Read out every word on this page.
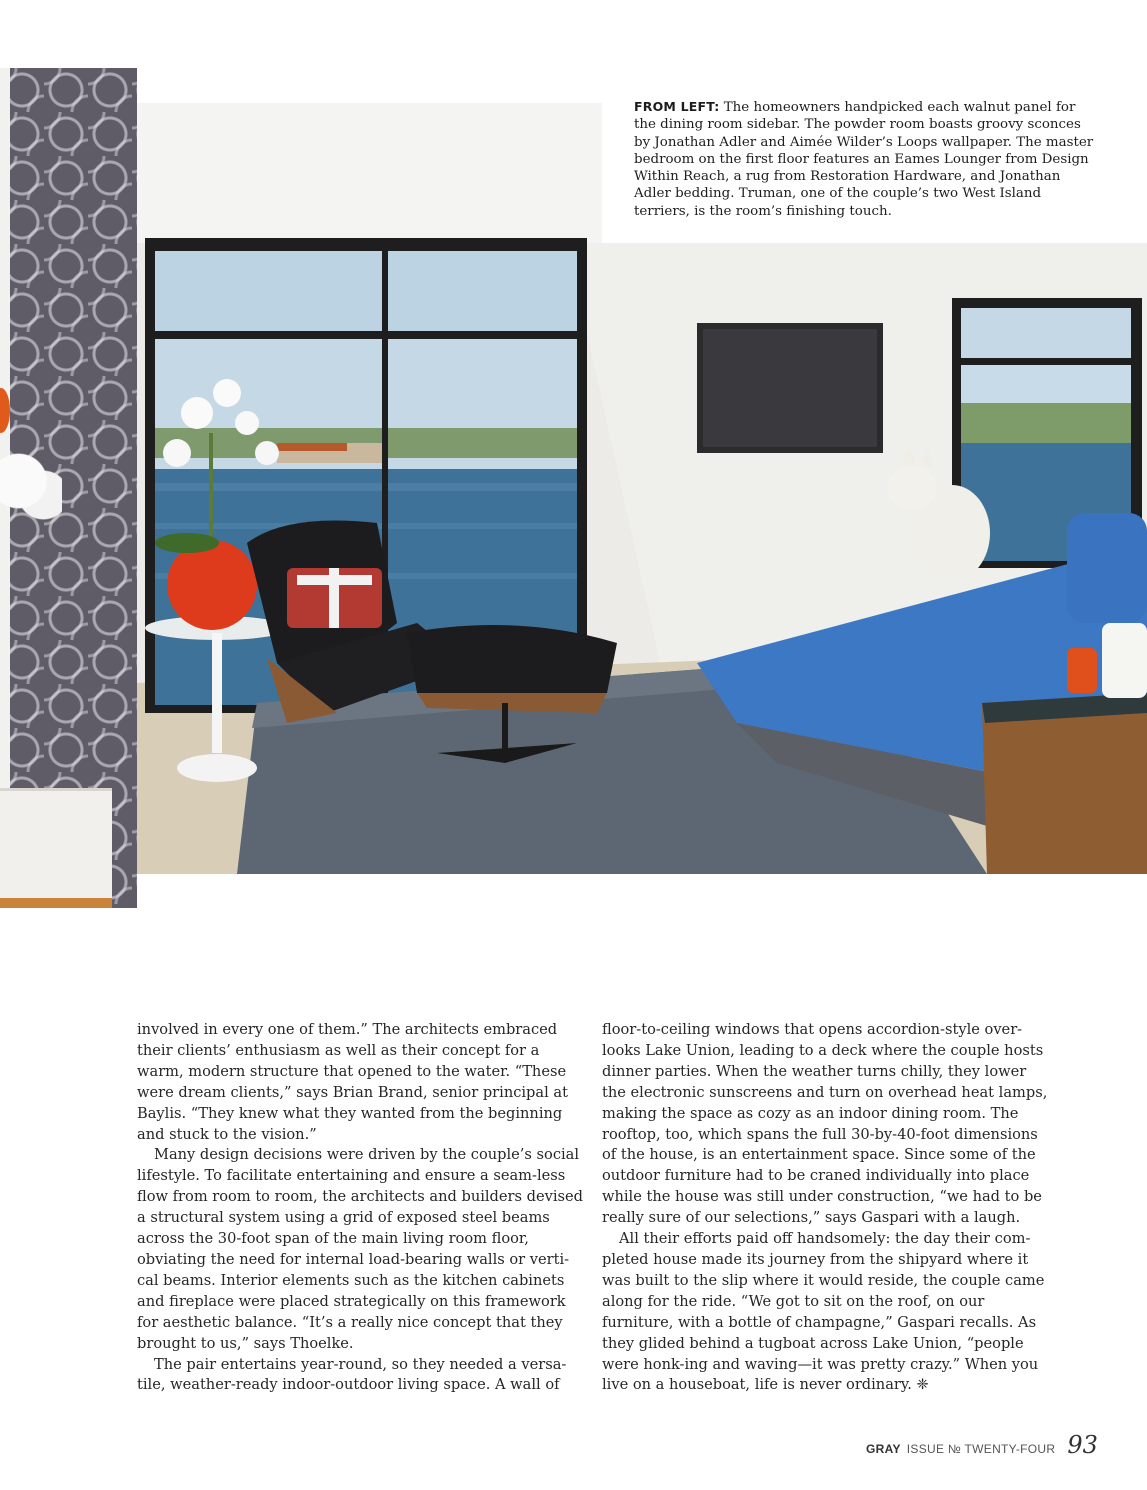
FROM LEFT: The homeowners handpicked each walnut panel for the dining room sidebar. The powder room boasts groovy sconces by Jonathan Adler and Aimée Wilder’s Loops wallpaper. The master bedroom on the first floor features an Eames Lounger from Design Within Reach, a rug from Restoration Hardware, and Jonathan Adler bedding. Truman, one of the couple’s two West Island terriers, is the room’s finishing touch.

involved in every one of them.” The architects embraced their clients’ enthusiasm as well as their concept for a warm, modern structure that opened to the water. “These were dream clients,” says Brian Brand, senior principal at Baylis. “They knew what they wanted from the beginning and stuck to the vision.”

Many design decisions were driven by the couple’s social lifestyle. To facilitate entertaining and ensure a seam-less flow from room to room, the architects and builders devised a structural system using a grid of exposed steel beams across the 30-foot span of the main living room floor, obviating the need for internal load-bearing walls or verti-cal beams. Interior elements such as the kitchen cabinets and fireplace were placed strategically on this framework for aesthetic balance. “It’s a really nice concept that they brought to us,” says Thoelke.

The pair entertains year-round, so they needed a versa-tile, weather-ready indoor-outdoor living space. A wall of

floor-to-ceiling windows that opens accordion-style over-looks Lake Union, leading to a deck where the couple hosts dinner parties. When the weather turns chilly, they lower the electronic sunscreens and turn on overhead heat lamps, making the space as cozy as an indoor dining room. The rooftop, too, which spans the full 30-by-40-foot dimensions of the house, is an entertainment space. Since some of the outdoor furniture had to be craned individually into place while the house was still under construction, “we had to be really sure of our selections,” says Gaspari with a laugh.

All their efforts paid off handsomely: the day their com-pleted house made its journey from the shipyard where it was built to the slip where it would reside, the couple came along for the ride. “We got to sit on the roof, on our furniture, with a bottle of champagne,” Gaspari recalls. As they glided behind a tugboat across Lake Union, “people were honk-ing and waving—it was pretty crazy.” When you live on a houseboat, life is never ordinary. ❈

GRAY ISSUE № TWENTY-FOUR 93
